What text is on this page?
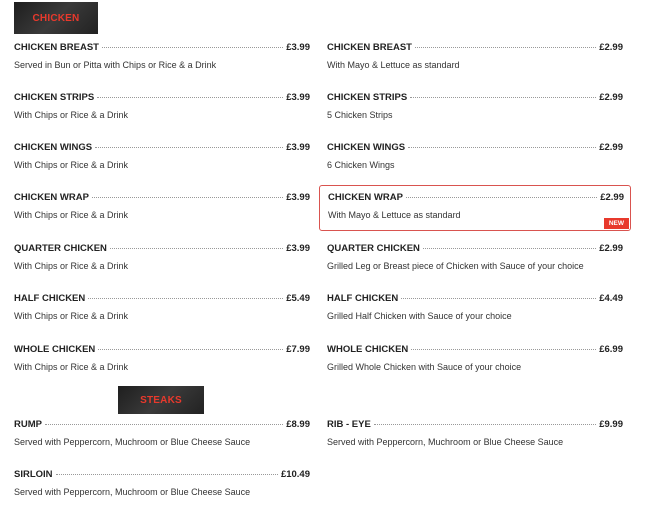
CHICKEN
CHICKEN BREAST	£3.99
Served in Bun or Pitta with Chips or Rice & a Drink
CHICKEN STRIPS	£3.99
With Chips or Rice & a Drink
CHICKEN WINGS	£3.99
With Chips or Rice & a Drink
CHICKEN WRAP	£3.99
With Chips or Rice & a Drink
QUARTER CHICKEN	£3.99
With Chips or Rice & a Drink
HALF CHICKEN	£5.49
With Chips or Rice & a Drink
WHOLE CHICKEN	£7.99
With Chips or Rice & a Drink
CHICKEN BREAST	£2.99
With Mayo & Lettuce as standard
CHICKEN STRIPS	£2.99
5 Chicken Strips
CHICKEN WINGS	£2.99
6 Chicken Wings
CHICKEN WRAP	£2.99
With Mayo & Lettuce as standard
NEW
QUARTER CHICKEN	£2.99
Grilled Leg or Breast piece of Chicken with Sauce of your choice
HALF CHICKEN	£4.49
Grilled Half Chicken with Sauce of your choice
WHOLE CHICKEN	£6.99
Grilled Whole Chicken with Sauce of your choice
STEAKS
RUMP	£8.99
Served with Peppercorn, Muchroom or Blue Cheese Sauce
RIB - EYE	£9.99
Served with Peppercorn, Muchroom or Blue Cheese Sauce
SIRLOIN	£10.49
Served with Peppercorn, Muchroom or Blue Cheese Sauce
